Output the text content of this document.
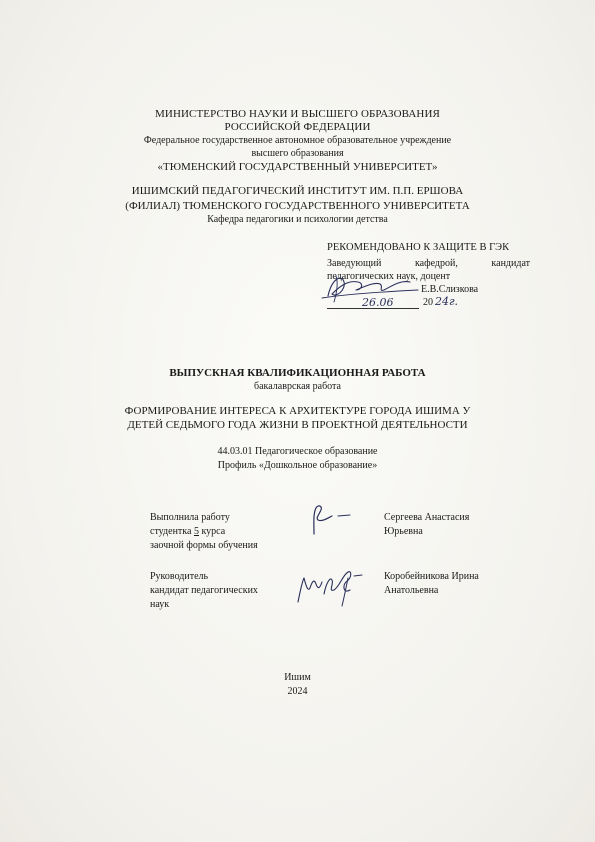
МИНИСТЕРСТВО НАУКИ И ВЫСШЕГО ОБРАЗОВАНИЯ
РОССИЙСКОЙ ФЕДЕРАЦИИ
Федеральное государственное автономное образовательное учреждение
высшего образования
«ТЮМЕНСКИЙ ГОСУДАРСТВЕННЫЙ УНИВЕРСИТЕТ»
ИШИМСКИЙ ПЕДАГОГИЧЕСКИЙ ИНСТИТУТ ИМ. П.П. ЕРШОВА
(ФИЛИАЛ) ТЮМЕНСКОГО ГОСУДАРСТВЕННОГО УНИВЕРСИТЕТА
Кафедра педагогики и психологии детства
РЕКОМЕНДОВАНО К ЗАЩИТЕ В ГЭК
Заведующий	кафедрой,	кандидат
педагогических наук, доцент
Е.В.Слизкова
26.06	20 24г.
ВЫПУСКНАЯ КВАЛИФИКАЦИОННАЯ РАБОТА
бакалаврская работа
ФОРМИРОВАНИЕ ИНТЕРЕСА К АРХИТЕКТУРЕ ГОРОДА ИШИМА У
ДЕТЕЙ СЕДЬМОГО ГОДА ЖИЗНИ В ПРОЕКТНОЙ ДЕЯТЕЛЬНОСТИ
44.03.01 Педагогическое образование
Профиль «Дошкольное образование»
Выполнила работу
студентка 5 курса
заочной формы обучения
Сергеева Анастасия
Юрьевна
Руководитель
кандидат педагогических
наук
Коробейникова Ирина
Анатольевна
Ишим
2024
